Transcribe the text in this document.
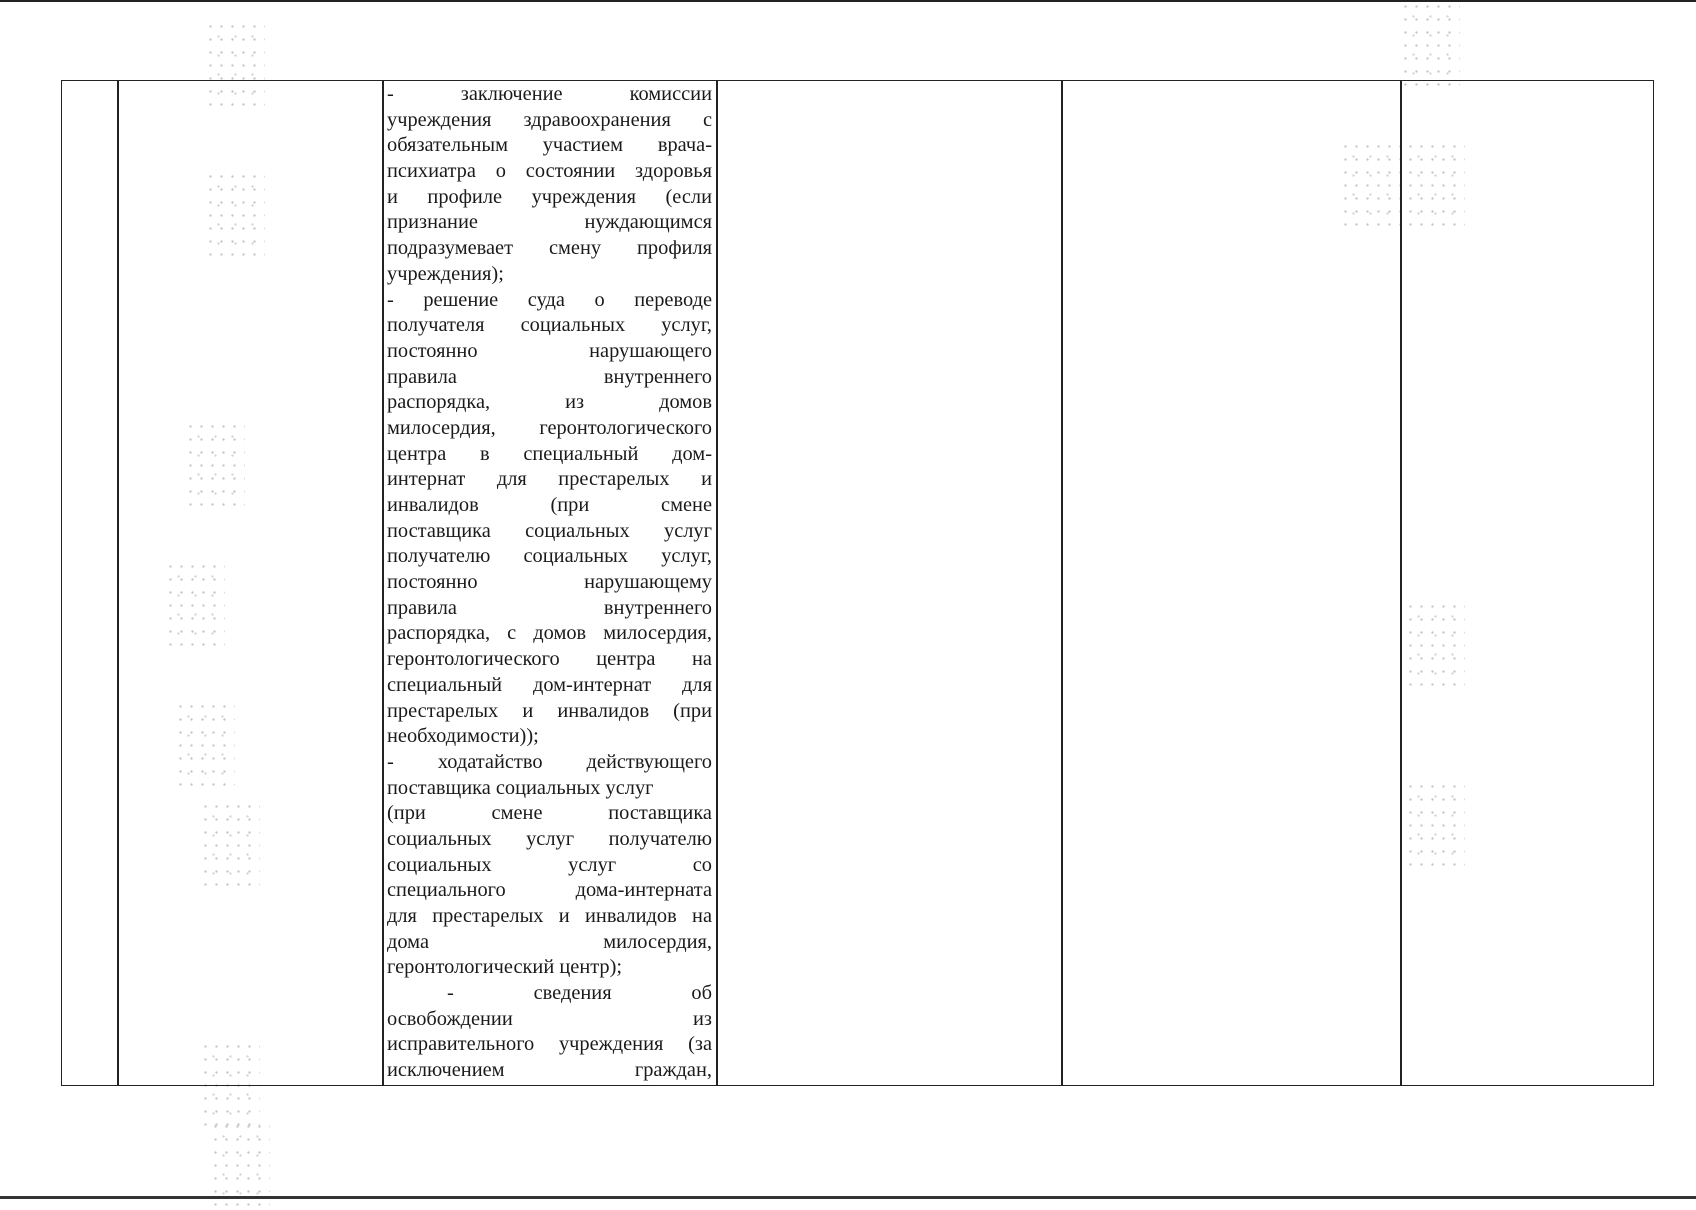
- заключение комиссии
учреждения здравоохранения с
обязательным участием врача-
психиатра о состоянии здоровья
и профиле учреждения (если
признание нуждающимся
подразумевает смену профиля
учреждения);
- решение суда о переводе
получателя социальных услуг,
постоянно нарушающего
правила внутреннего
распорядка, из домов
милосердия, геронтологического
центра в специальный дом-
интернат для престарелых и
инвалидов (при смене
поставщика социальных услуг
получателю социальных услуг,
постоянно нарушающему
правила внутреннего
распорядка, с домов милосердия,
геронтологического центра на
специальный дом-интернат для
престарелых и инвалидов (при
необходимости));
- ходатайство действующего
поставщика социальных услуг
(при смене поставщика
социальных услуг получателю
социальных услуг со
специального дома-интерната
для престарелых и инвалидов на
дома милосердия,
геронтологический центр);
- сведения об
освобождении из
исправительного учреждения (за
исключением граждан,
